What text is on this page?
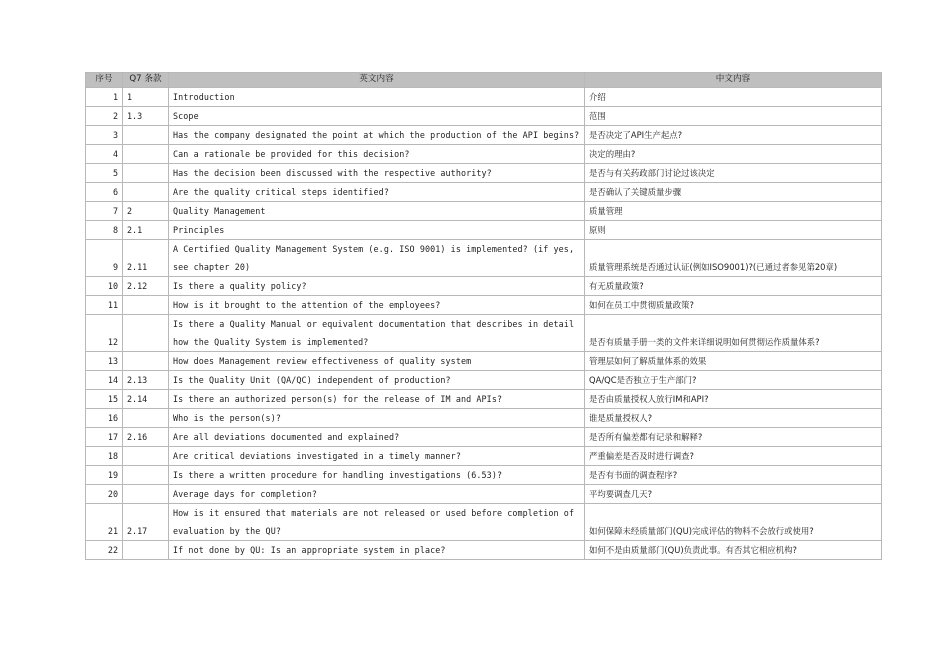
序号	Q7 条款	英文内容	中文内容
1	1	Introduction	介绍
2	1.3	Scope	范围
3		Has the company designated the point at which the production of the API begins?	是否决定了API生产起点?
4		Can a rationale be provided for this decision?	决定的理由?
5		Has the decision been discussed with the respective authority?	是否与有关药政部门讨论过该决定
6		Are the quality critical steps identified?	是否确认了关键质量步骤
7	2	Quality Management	质量管理
8	2.1	Principles	原则
9	2.11	A Certified Quality Management System (e.g. ISO 9001) is implemented? (if yes, see chapter 20)	质量管理系统是否通过认证(例如ISO9001)?(已通过者参见第20章)
10	2.12	Is there a quality policy?	有无质量政策?
11		How is it brought to the attention of the employees?	如何在员工中贯彻质量政策?
12		Is there a Quality Manual or equivalent documentation that describes in detail how the Quality System is implemented?	是否有质量手册一类的文件来详细说明如何贯彻运作质量体系?
13		How does Management review effectiveness of quality system	管理层如何了解质量体系的效果
14	2.13	Is the Quality Unit (QA/QC) independent of production?	QA/QC是否独立于生产部门?
15	2.14	Is there an authorized person(s) for the release of IM and APIs?	是否由质量授权人放行IM和API?
16		Who is the person(s)?	谁是质量授权人?
17	2.16	Are all deviations documented and explained?	是否所有偏差都有记录和解释?
18		Are critical deviations investigated in a timely manner?	严重偏差是否及时进行调查?
19		Is there a written procedure for handling investigations (6.53)?	是否有书面的调查程序?
20		Average days for completion?	平均要调查几天?
21	2.17	How is it ensured that materials are not released or used before completion of evaluation by the QU?	如何保障未经质量部门(QU)完成评估的物料不会放行或使用?
22		If not done by QU: Is an appropriate system in place?	如何不是由质量部门(QU)负责此事。有否其它相应机构?
